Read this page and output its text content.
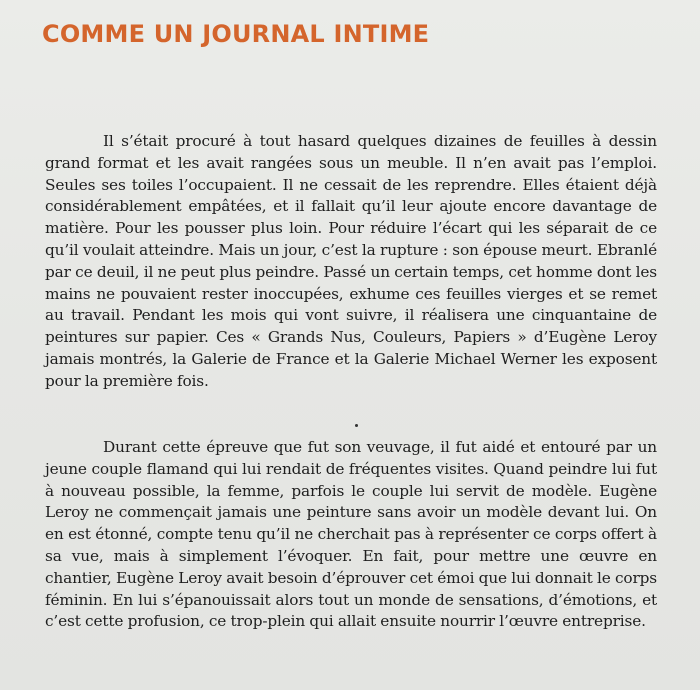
COMME UN JOURNAL INTIME

Il s’était procuré à tout hasard quelques dizaines de feuilles à dessin grand format et les avait rangées sous un meuble. Il n’en avait pas l’emploi. Seules ses toiles l’occupaient. Il ne cessait de les reprendre. Elles étaient déjà considérablement empâtées, et il fallait qu’il leur ajoute encore davantage de matière. Pour les pousser plus loin. Pour réduire l’écart qui les séparait de ce qu’il voulait atteindre. Mais un jour, c’est la rupture : son épouse meurt. Ebranlé par ce deuil, il ne peut plus peindre. Passé un certain temps, cet homme dont les mains ne pouvaient rester inoccupées, exhume ces feuilles vierges et se remet au travail. Pendant les mois qui vont suivre, il réalisera une cinquantaine de peintures sur papier. Ces « Grands Nus, Couleurs, Papiers » d’Eugène Leroy jamais montrés, la Galerie de France et la Galerie Michael Werner les exposent pour la première fois.

Durant cette épreuve que fut son veuvage, il fut aidé et entouré par un jeune couple flamand qui lui rendait de fréquentes visites. Quand peindre lui fut à nouveau possible, la femme, parfois le couple lui servit de modèle. Eugène Leroy ne commençait jamais une peinture sans avoir un modèle devant lui. On en est étonné, compte tenu qu’il ne cherchait pas à représenter ce corps offert à sa vue, mais à simplement l’évoquer. En fait, pour mettre une œuvre en chantier, Eugène Leroy avait besoin d’éprouver cet émoi que lui donnait le corps féminin. En lui s’épanouissait alors tout un monde de sensations, d’émotions, et c’est cette profusion, ce trop-plein qui allait ensuite nourrir l’œuvre entreprise.
